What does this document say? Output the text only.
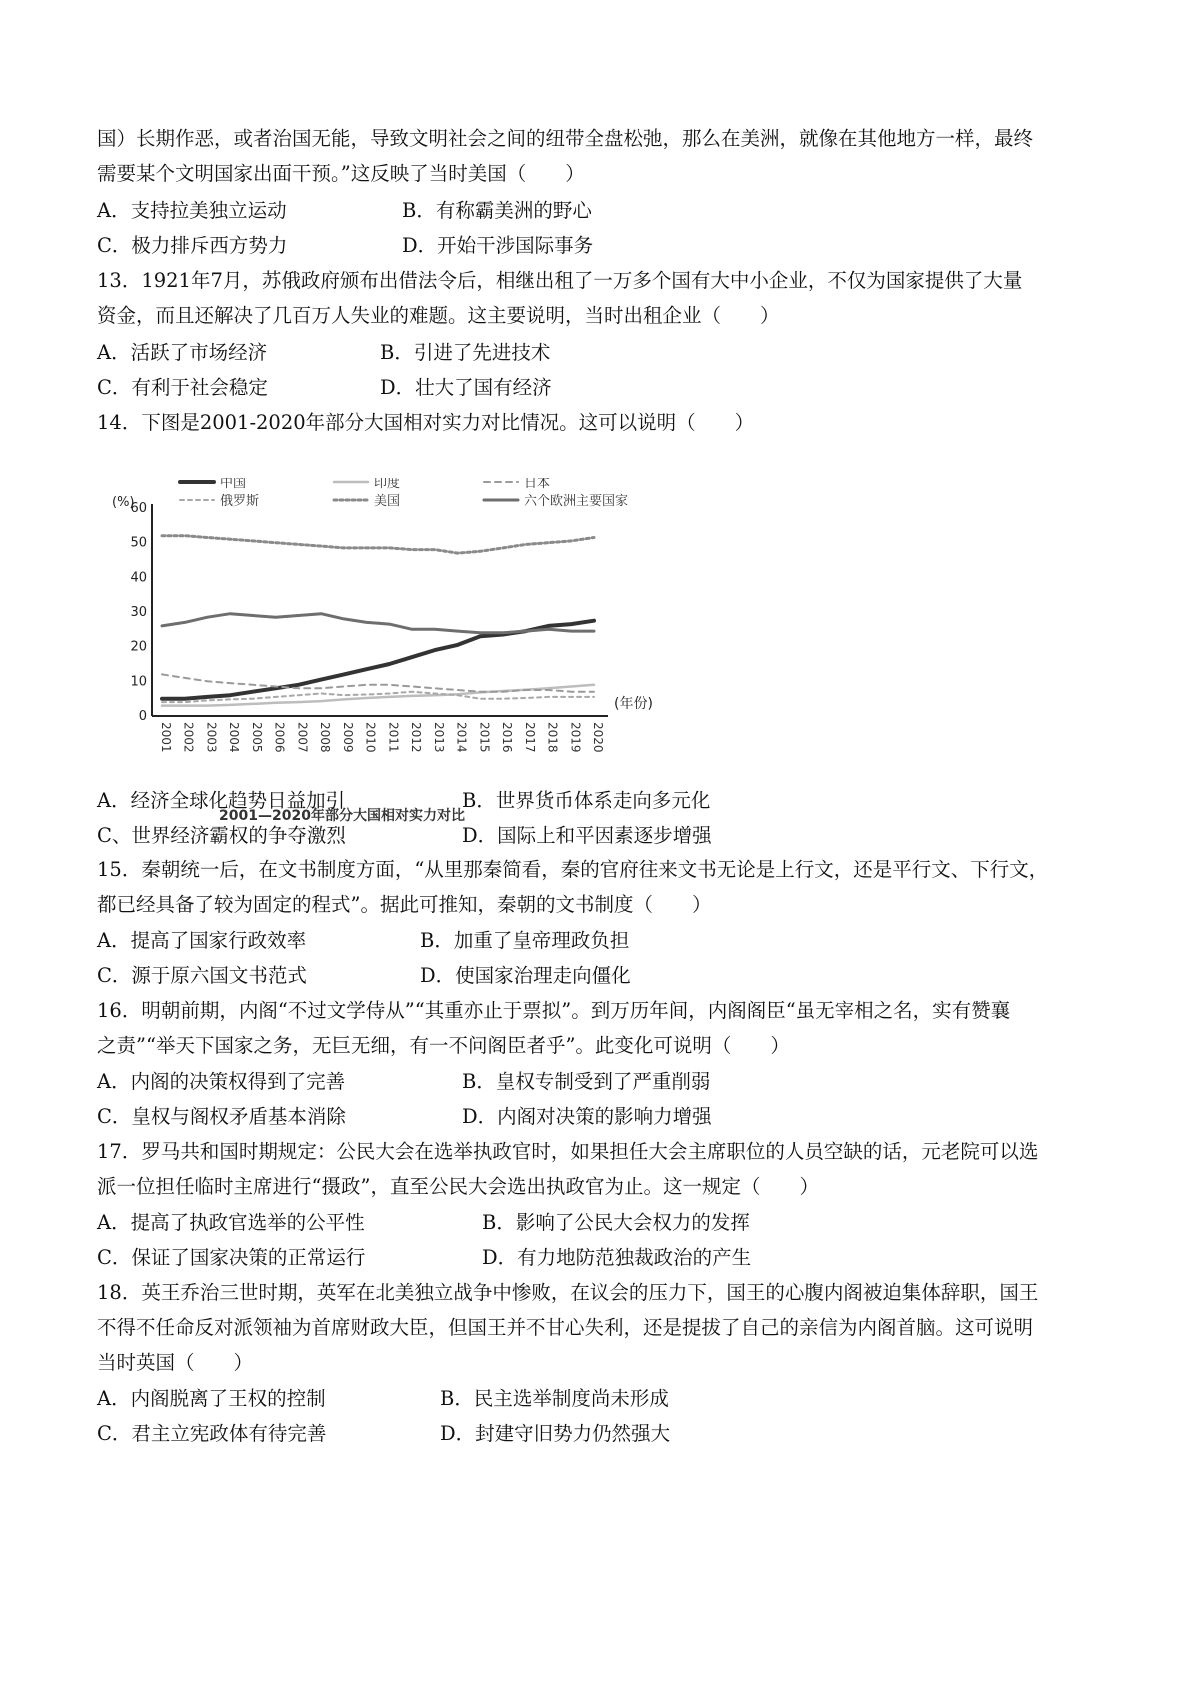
国）长期作恶，或者治国无能，导致文明社会之间的纽带全盘松弛，那么在美洲，就像在其他地方一样，最终
需要某个文明国家出面干预。”这反映了当时美国（　　）
A．支持拉美独立运动	B．有称霸美洲的野心
C．极力排斥西方势力	D．开始干涉国际事务
13．1921年7月，苏俄政府颁布出借法令后，相继出租了一万多个国有大中小企业，不仅为国家提供了大量
资金，而且还解决了几百万人失业的难题。这主要说明，当时出租企业（　　）
A．活跃了市场经济	B．引进了先进技术
C．有利于社会稳定	D．壮大了国有经济
14．下图是2001-2020年部分大国相对实力对比情况。这可以说明（　　）
中国	印度	日本
俄罗斯	美国	六个欧洲主要国家
(%)
0
10
20
30
40
50
60
2001 2002 2003 2004 2005 2006 2007 2008 2009 2010 2011 2012 2013 2014 2015 2016 2017 2018 2019 2020
(年份)
2001—2020年部分大国相对实力对比
A．经济全球化趋势日益加引	B．世界货币体系走向多元化
C、世界经济霸权的争夺激烈	D．国际上和平因素逐步增强
15．秦朝统一后，在文书制度方面，“从里那秦简看，秦的官府往来文书无论是上行文，还是平行文、下行文，
都已经具备了较为固定的程式”。据此可推知，秦朝的文书制度（　　）
A．提高了国家行政效率	B．加重了皇帝理政负担
C．源于原六国文书范式	D．使国家治理走向僵化
16．明朝前期，内阁“不过文学侍从”“其重亦止于票拟”。到万历年间，内阁阁臣“虽无宰相之名，实有赞襄
之责”“举天下国家之务，无巨无细，有一不问阁臣者乎”。此变化可说明（　　）
A．内阁的决策权得到了完善	B．皇权专制受到了严重削弱
C．皇权与阁权矛盾基本消除	D．内阁对决策的影响力增强
17．罗马共和国时期规定：公民大会在选举执政官时，如果担任大会主席职位的人员空缺的话，元老院可以选
派一位担任临时主席进行“摄政”，直至公民大会选出执政官为止。这一规定（　　）
A．提高了执政官选举的公平性	B．影响了公民大会权力的发挥
C．保证了国家决策的正常运行	D．有力地防范独裁政治的产生
18．英王乔治三世时期，英军在北美独立战争中惨败，在议会的压力下，国王的心腹内阁被迫集体辞职，国王
不得不任命反对派领袖为首席财政大臣，但国王并不甘心失利，还是提拔了自己的亲信为内阁首脑。这可说明
当时英国（　　）
A．内阁脱离了王权的控制	B．民主选举制度尚未形成
C．君主立宪政体有待完善	D．封建守旧势力仍然强大
